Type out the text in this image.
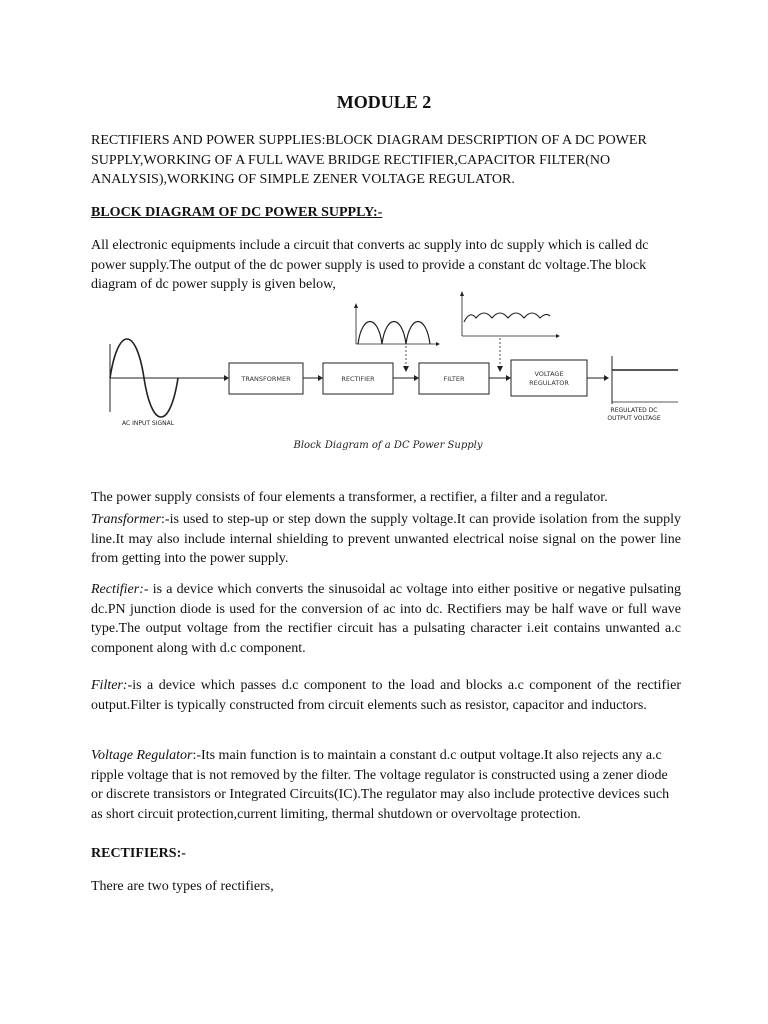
MODULE 2

RECTIFIERS AND POWER SUPPLIES:BLOCK DIAGRAM DESCRIPTION OF A DC POWER SUPPLY,WORKING OF A FULL WAVE BRIDGE RECTIFIER,CAPACITOR FILTER(NO ANALYSIS),WORKING OF SIMPLE ZENER VOLTAGE REGULATOR.

BLOCK DIAGRAM OF DC POWER SUPPLY:-

All electronic equipments include a circuit that converts ac supply into dc supply which is called dc power supply.The output of the dc power supply is used to provide a constant dc voltage.The block diagram of dc power supply is given below,

TRANSFORMER	RECTIFIER	FILTER
VOLTAGE
REGULATOR
AC INPUT SIGNAL
REGULATED DC
OUTPUT VOLTAGE
Block Diagram of a DC Power Supply

The power supply consists of four elements a transformer, a rectifier, a filter and a regulator.

Transformer:-is used to step-up or step down the supply voltage.It can provide isolation from the supply line.It may also include internal shielding to prevent unwanted electrical noise signal on the power line from getting into the power supply.

Rectifier:- is a device which converts the sinusoidal ac voltage into either positive or negative pulsating dc.PN junction diode is used for the conversion of ac into dc. Rectifiers may be half wave or full wave type.The output voltage from the rectifier circuit has a pulsating character i.eit contains unwanted a.c component along with d.c component.

Filter:-is a device which passes d.c component to the load and blocks a.c component of the rectifier output.Filter is typically constructed from circuit elements such as resistor, capacitor and inductors.

Voltage Regulator:-Its main function is to maintain a constant d.c output voltage.It also rejects any a.c ripple voltage that is not removed by the filter. The voltage regulator is constructed using a zener diode or discrete transistors or Integrated Circuits(IC).The regulator may also include protective devices such as short circuit protection,current limiting, thermal shutdown or overvoltage protection.

RECTIFIERS:-

There are two types of rectifiers,
